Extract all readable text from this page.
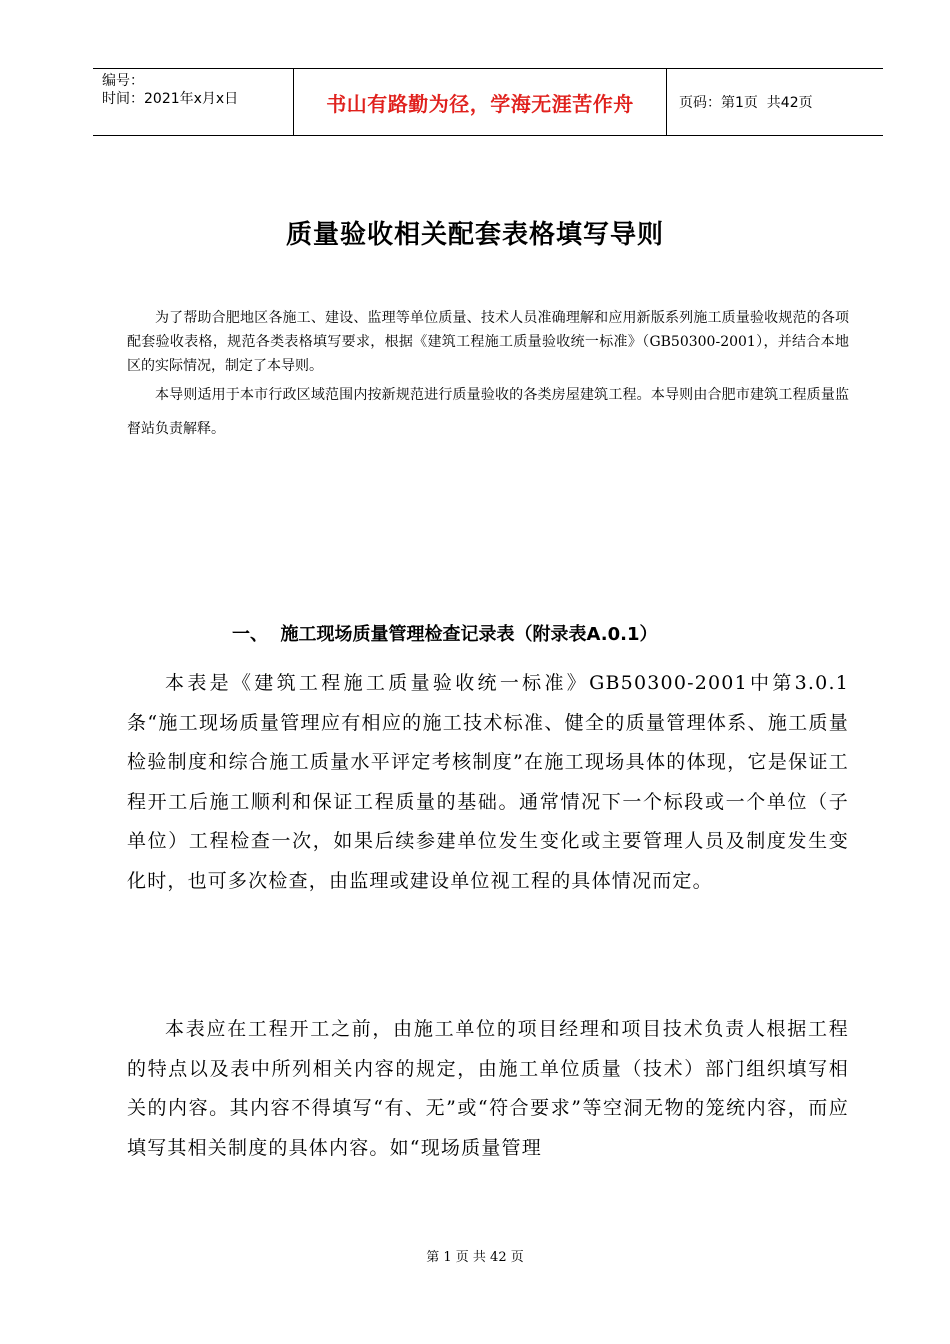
编号：
时间：2021年x月x日	书山有路勤为径，学海无涯苦作舟	页码：第1页  共42页
质量验收相关配套表格填写导则

为了帮助合肥地区各施工、建设、监理等单位质量、技术人员准确理解和应用新版系列施工质量验收规范的各项配套验收表格，规范各类表格填写要求，根据《建筑工程施工质量验收统一标准》（GB50300-2001），并结合本地区的实际情况，制定了本导则。

本导则适用于本市行政区域范围内按新规范进行质量验收的各类房屋建筑工程。本导则由合肥市建筑工程质量监督站负责解释。

一、  施工现场质量管理检查记录表（附录表A.0.1）

本表是《建筑工程施工质量验收统一标准》GB50300-2001中第3.0.1条“施工现场质量管理应有相应的施工技术标准、健全的质量管理体系、施工质量检验制度和综合施工质量水平评定考核制度”在施工现场具体的体现，它是保证工程开工后施工顺利和保证工程质量的基础。通常情况下一个标段或一个单位（子单位）工程检查一次，如果后续参建单位发生变化或主要管理人员及制度发生变化时，也可多次检查，由监理或建设单位视工程的具体情况而定。

本表应在工程开工之前，由施工单位的项目经理和项目技术负责人根据工程的特点以及表中所列相关内容的规定，由施工单位质量（技术）部门组织填写相关的内容。其内容不得填写“有、无”或“符合要求”等空洞无物的笼统内容，而应填写其相关制度的具体内容。如“现场质量管理

第 1 页 共 42 页
